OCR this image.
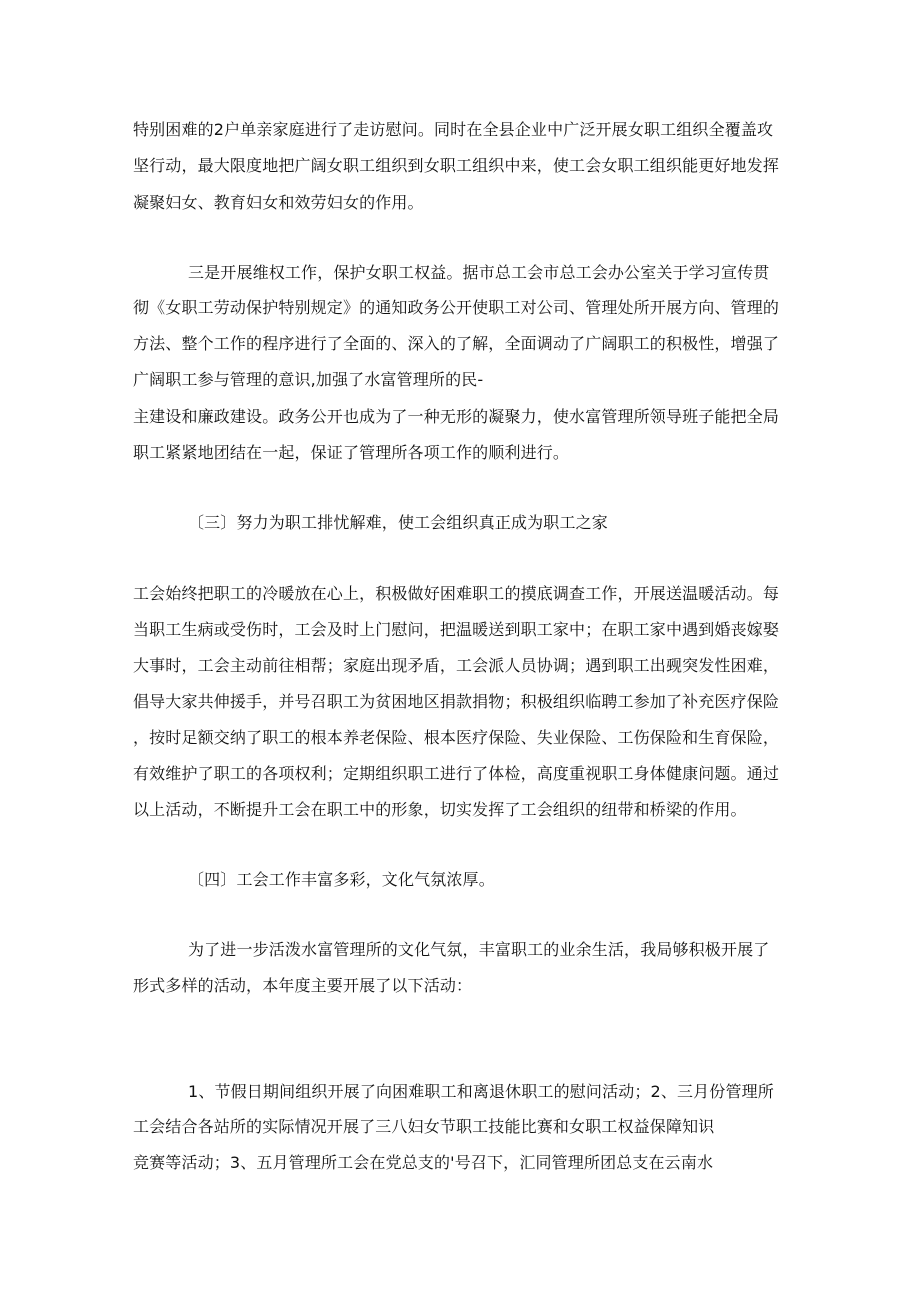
特别困难的2户单亲家庭进行了走访慰问。同时在全县企业中广泛开展女职工组织全覆盖攻
坚行动，最大限度地把广阔女职工组织到女职工组织中来，使工会女职工组织能更好地发挥
凝聚妇女、教育妇女和效劳妇女的作用。
三是开展维权工作，保护女职工权益。据市总工会市总工会办公室关于学习宣传贯
彻《女职工劳动保护特别规定》的通知政务公开使职工对公司、管理处所开展方向、管理的
方法、整个工作的程序进行了全面的、深入的了解，全面调动了广阔职工的积极性，增强了
广阔职工参与管理的意识,加强了水富管理所的民-
主建设和廉政建设。政务公开也成为了一种无形的凝聚力，使水富管理所领导班子能把全局
职工紧紧地团结在一起，保证了管理所各项工作的顺利进行。
〔三〕努力为职工排忧解难，使工会组织真正成为职工之家
工会始终把职工的冷暖放在心上，积极做好困难职工的摸底调查工作，开展送温暖活动。每
当职工生病或受伤时，工会及时上门慰问，把温暖送到职工家中；在职工家中遇到婚丧嫁娶
大事时，工会主动前往相帮；家庭出现矛盾，工会派人员协调；遇到职工出觋突发性困难，
倡导大家共伸援手，并号召职工为贫困地区捐款捐物；积极组织临聘工参加了补充医疗保险
，按时足额交纳了职工的根本养老保险、根本医疗保险、失业保险、工伤保险和生育保险，
有效维护了职工的各项权利；定期组织职工进行了体检，高度重视职工身体健康问题。通过
以上活动，不断提升工会在职工中的形象，切实发挥了工会组织的纽带和桥梁的作用。
〔四〕工会工作丰富多彩，文化气氛浓厚。
为了进一步活泼水富管理所的文化气氛，丰富职工的业余生活，我局够积极开展了
形式多样的活动，本年度主要开展了以下活动：
1、节假日期间组织开展了向困难职工和离退休职工的慰问活动；2、三月份管理所
工会结合各站所的实际情况开展了三八妇女节职工技能比赛和女职工权益保障知识
竞赛等活动；3、五月管理所工会在党总支的'号召下，汇同管理所团总支在云南水
